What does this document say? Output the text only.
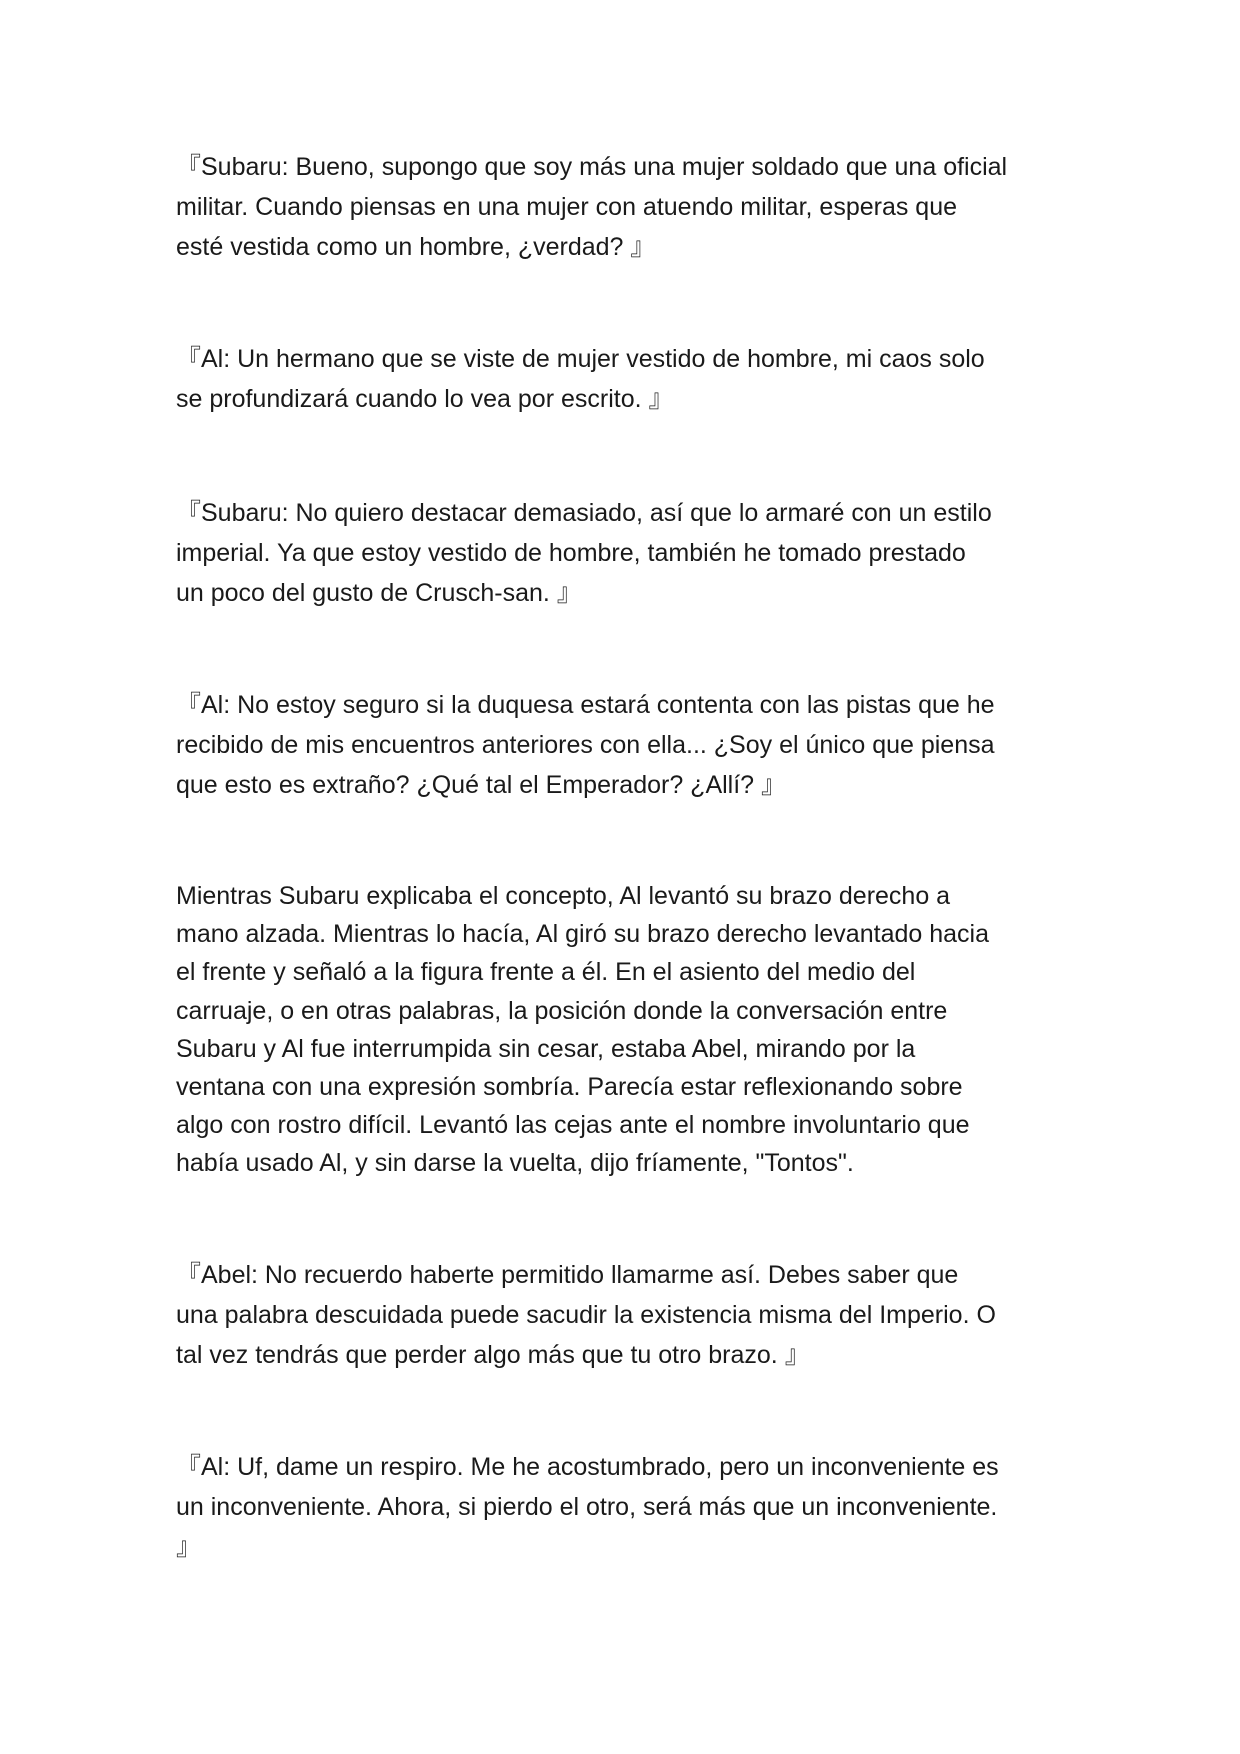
『Subaru: Bueno, supongo que soy más una mujer soldado que una oficial
militar. Cuando piensas en una mujer con atuendo militar, esperas que
esté vestida como un hombre, ¿verdad? 』

『Al: Un hermano que se viste de mujer vestido de hombre, mi caos solo
se profundizará cuando lo vea por escrito. 』

『Subaru: No quiero destacar demasiado, así que lo armaré con un estilo
imperial. Ya que estoy vestido de hombre, también he tomado prestado
un poco del gusto de Crusch-san. 』

『Al: No estoy seguro si la duquesa estará contenta con las pistas que he
recibido de mis encuentros anteriores con ella... ¿Soy el único que piensa
que esto es extraño? ¿Qué tal el Emperador? ¿Allí? 』

Mientras Subaru explicaba el concepto, Al levantó su brazo derecho a
mano alzada. Mientras lo hacía, Al giró su brazo derecho levantado hacia
el frente y señaló a la figura frente a él. En el asiento del medio del
carruaje, o en otras palabras, la posición donde la conversación entre
Subaru y Al fue interrumpida sin cesar, estaba Abel, mirando por la
ventana con una expresión sombría. Parecía estar reflexionando sobre
algo con rostro difícil. Levantó las cejas ante el nombre involuntario que
había usado Al, y sin darse la vuelta, dijo fríamente, "Tontos".

『Abel: No recuerdo haberte permitido llamarme así. Debes saber que
una palabra descuidada puede sacudir la existencia misma del Imperio. O
tal vez tendrás que perder algo más que tu otro brazo. 』

『Al: Uf, dame un respiro. Me he acostumbrado, pero un inconveniente es
un inconveniente. Ahora, si pierdo el otro, será más que un inconveniente.
』
